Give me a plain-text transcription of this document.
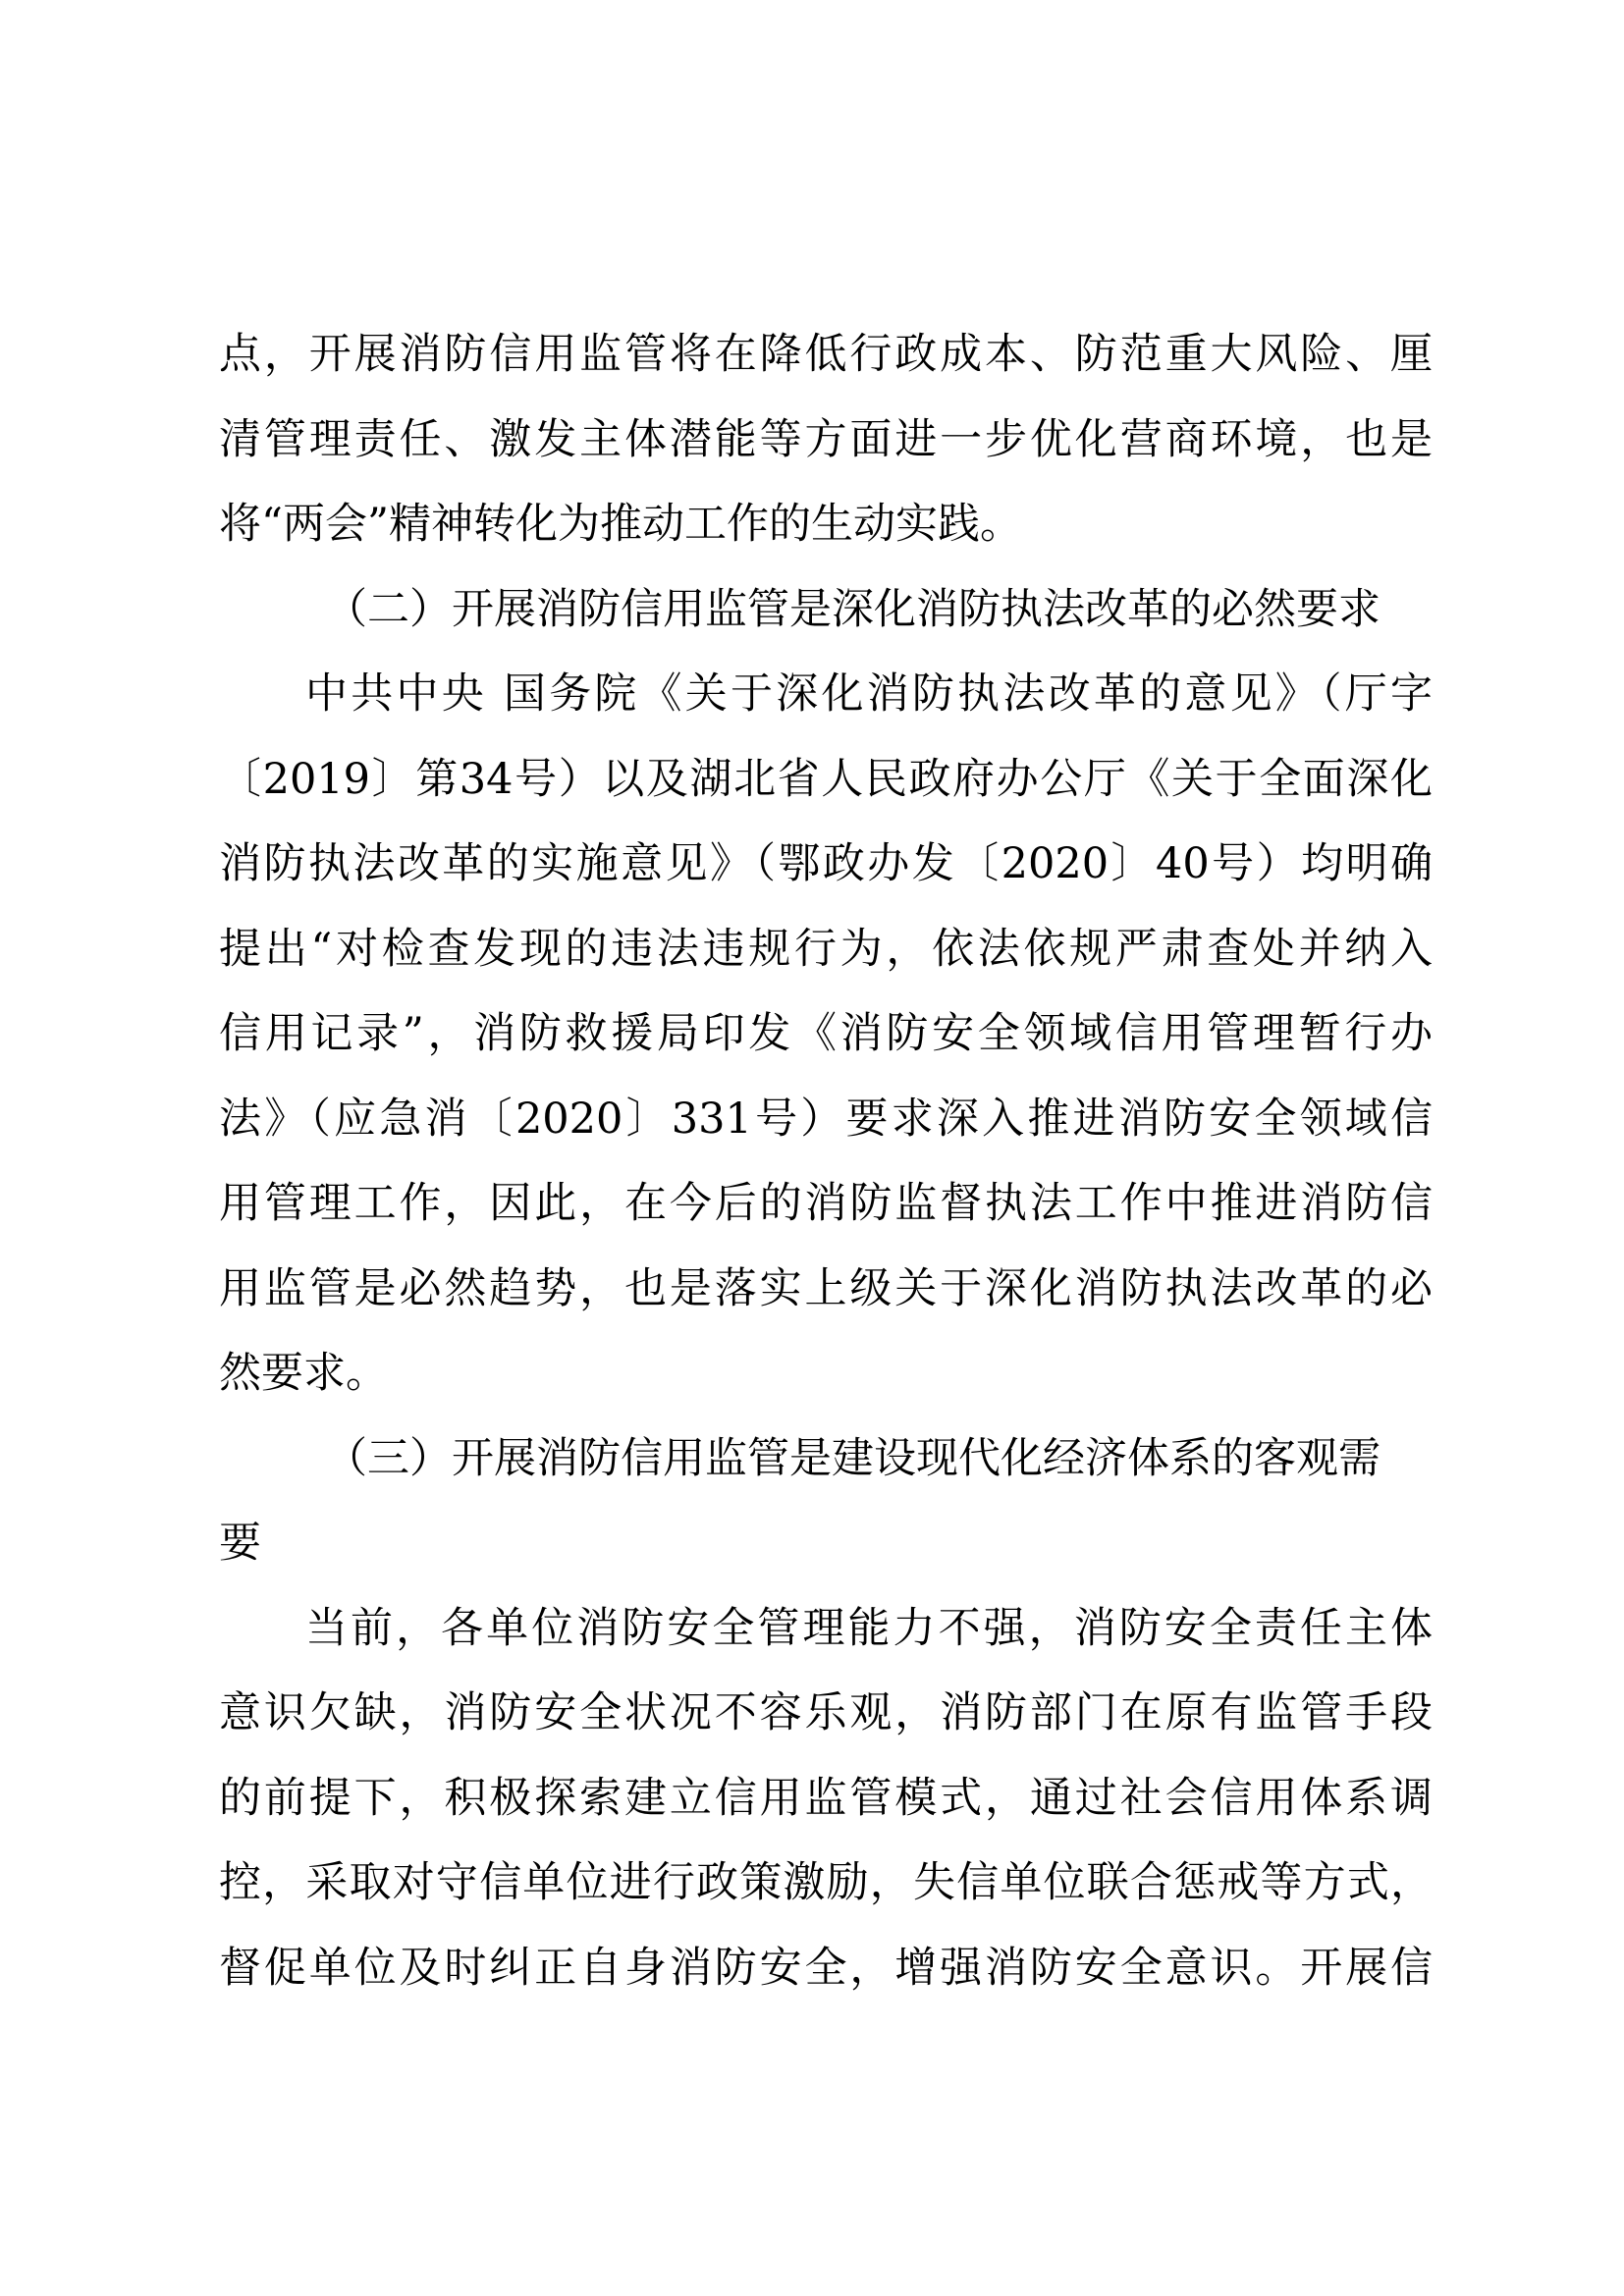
点，开展消防信用监管将在降低行政成本、防范重大风险、厘
清管理责任、激发主体潜能等方面进一步优化营商环境，也是
将“两会”精神转化为推动工作的生动实践。
（二）开展消防信用监管是深化消防执法改革的必然要求
中共中央 国务院《关于深化消防执法改革的意见》（厅字
〔2019〕第34号）以及湖北省人民政府办公厅《关于全面深化
消防执法改革的实施意见》（鄂政办发〔2020〕40号）均明确
提出“对检查发现的违法违规行为，依法依规严肃查处并纳入
信用记录”，消防救援局印发《消防安全领域信用管理暂行办
法》（应急消〔2020〕331号）要求深入推进消防安全领域信
用管理工作，因此，在今后的消防监督执法工作中推进消防信
用监管是必然趋势，也是落实上级关于深化消防执法改革的必
然要求。
（三）开展消防信用监管是建设现代化经济体系的客观需
要
当前，各单位消防安全管理能力不强，消防安全责任主体
意识欠缺，消防安全状况不容乐观，消防部门在原有监管手段
的前提下，积极探索建立信用监管模式，通过社会信用体系调
控，采取对守信单位进行政策激励，失信单位联合惩戒等方式，
督促单位及时纠正自身消防安全，增强消防安全意识。开展信
